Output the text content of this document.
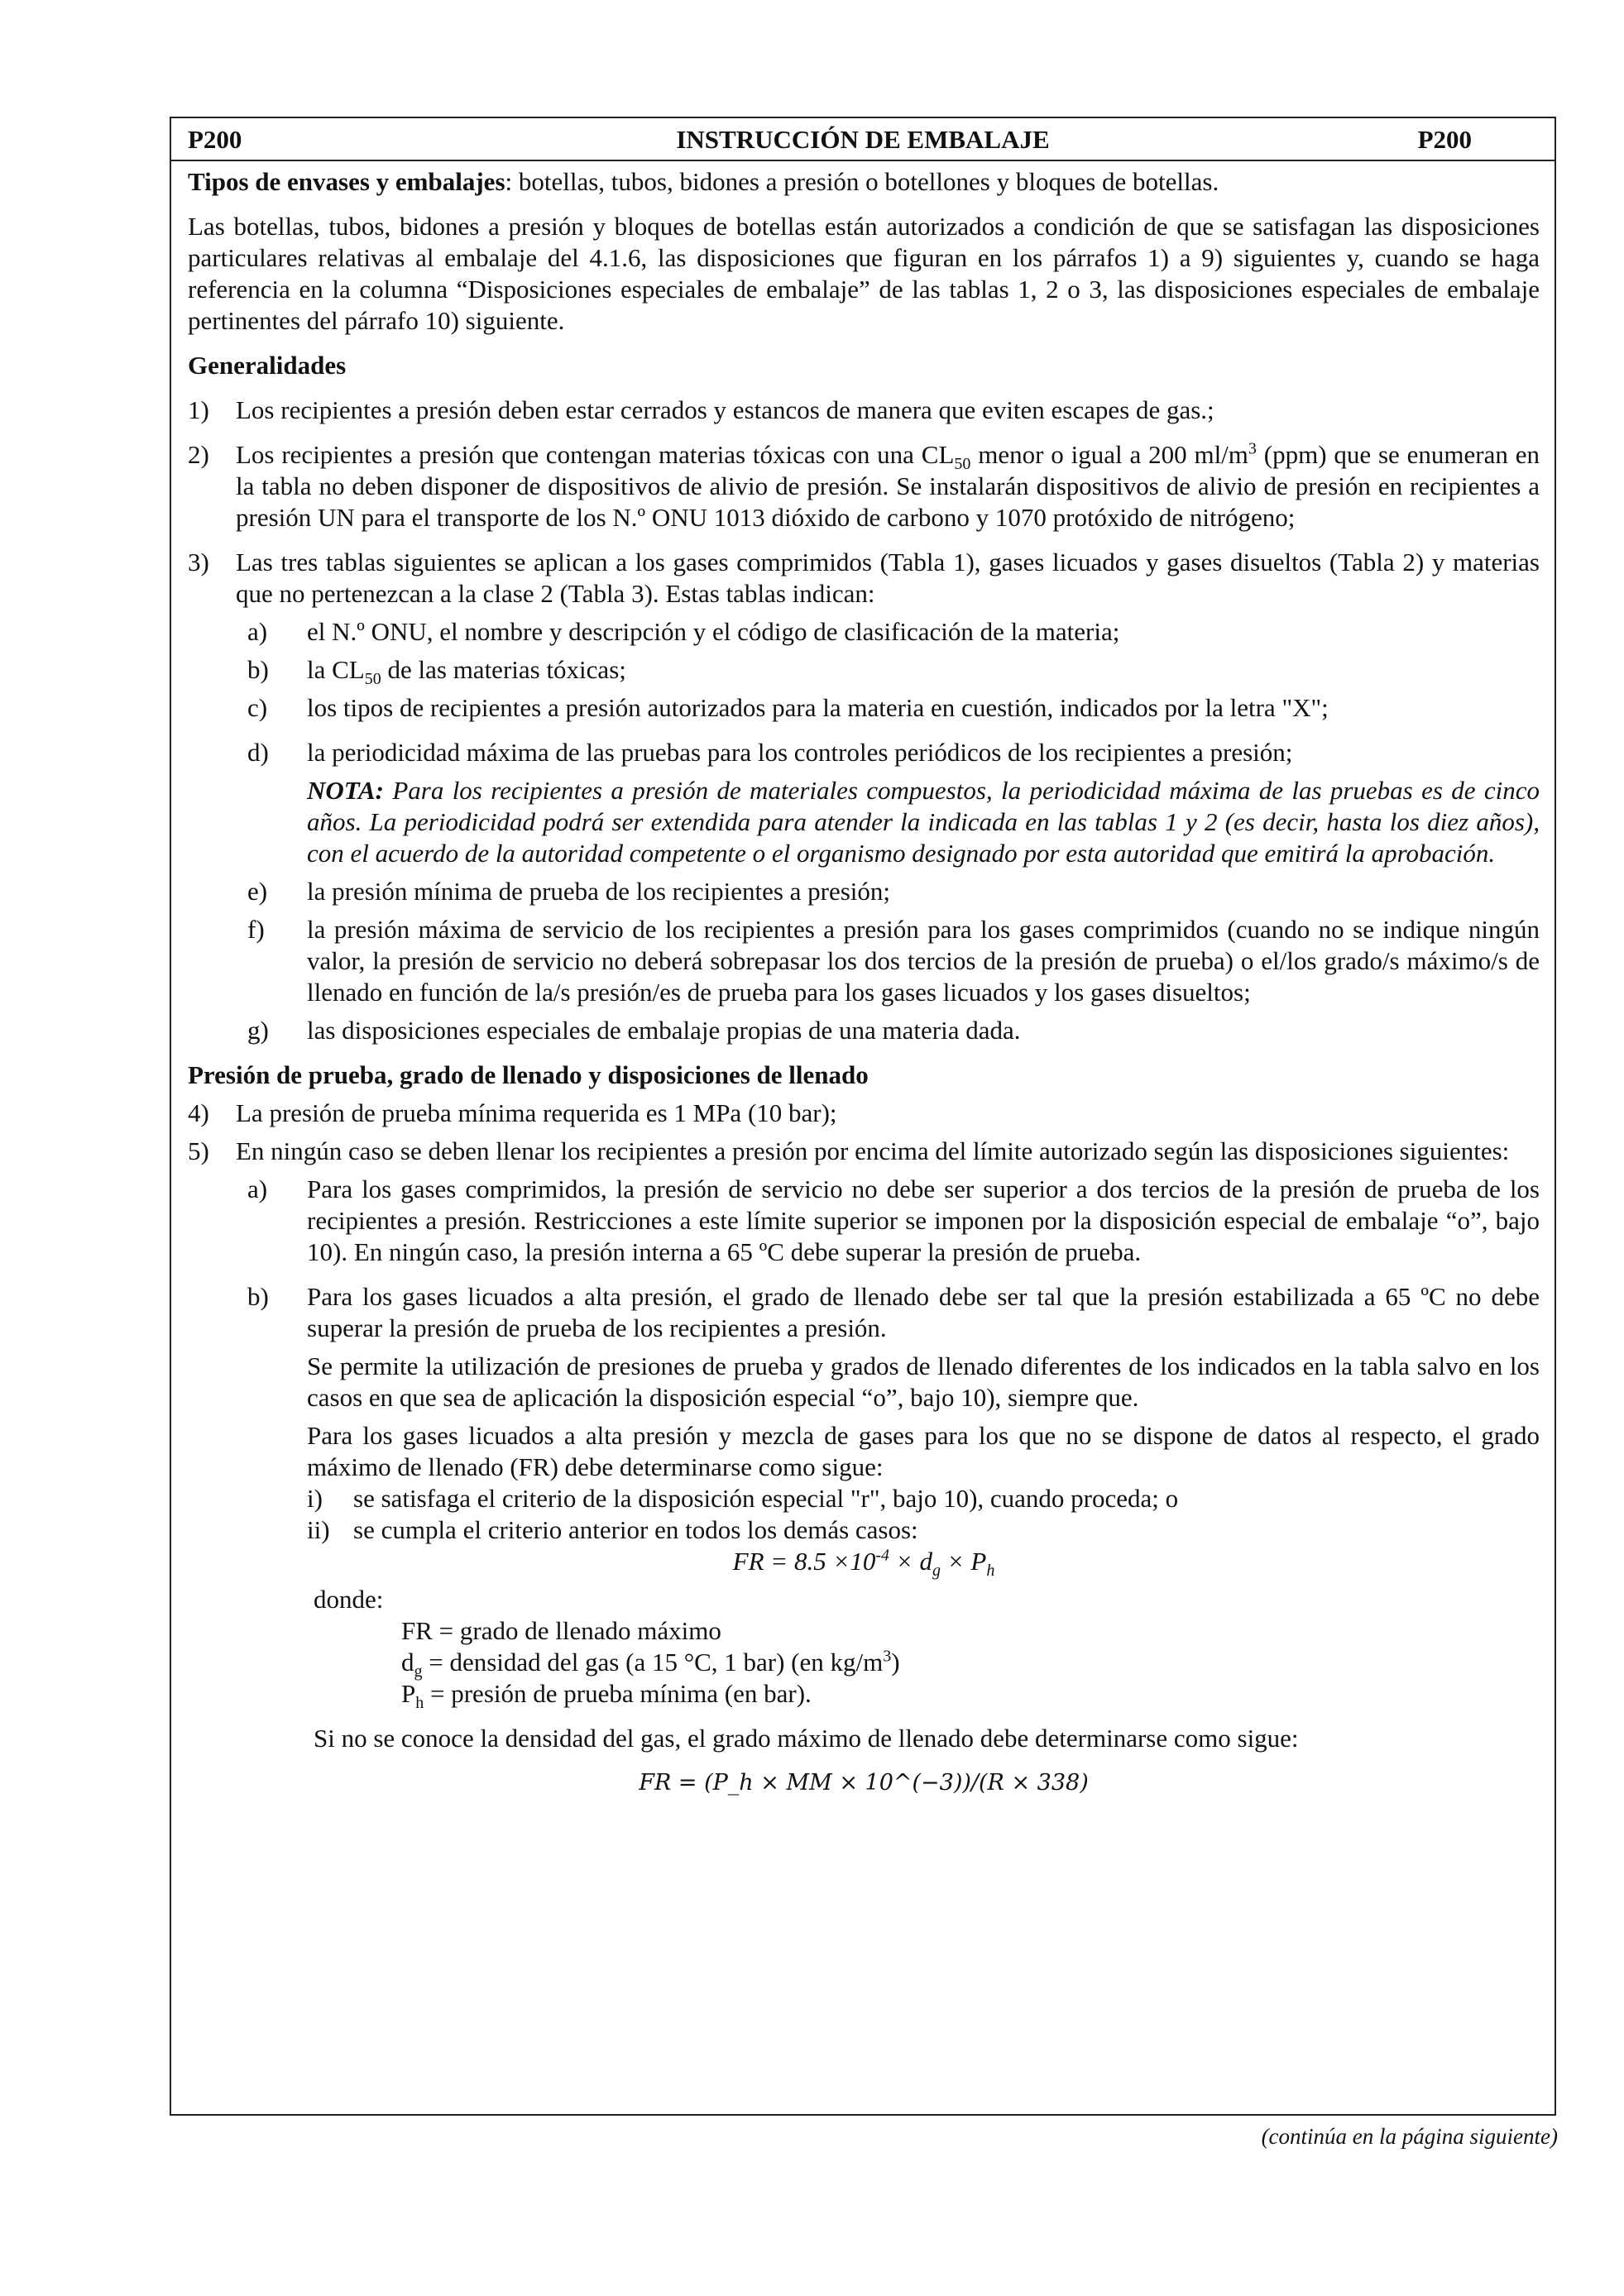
P200	INSTRUCCIÓN DE EMBALAJE	P200

Tipos de envases y embalajes: botellas, tubos, bidones a presión o botellones y bloques de botellas.

Las botellas, tubos, bidones a presión y bloques de botellas están autorizados a condición de que se satisfagan las disposiciones particulares relativas al embalaje del 4.1.6, las disposiciones que figuran en los párrafos 1) a 9) siguientes y, cuando se haga referencia en la columna “Disposiciones especiales de embalaje” de las tablas 1, 2 o 3, las disposiciones especiales de embalaje pertinentes del párrafo 10) siguiente.

Generalidades

1)	Los recipientes a presión deben estar cerrados y estancos de manera que eviten escapes de gas.;
2)	Los recipientes a presión que contengan materias tóxicas con una $CL_{50}$ menor o igual a 200 $ml/m^3$ (ppm) que se enumeran en la tabla no deben disponer de dispositivos de alivio de presión. Se instalarán dispositivos de alivio de presión en recipientes a presión UN para el transporte de los N.º ONU 1013 dióxido de carbono y 1070 protóxido de nitrógeno;
3)	Las tres tablas siguientes se aplican a los gases comprimidos (Tabla 1), gases licuados y gases disueltos (Tabla 2) y materias que no pertenezcan a la clase 2 (Tabla 3). Estas tablas indican:
a)	el N.º ONU, el nombre y descripción y el código de clasificación de la materia;
b)	la $CL_{50}$ de las materias tóxicas;
c)	los tipos de recipientes a presión autorizados para la materia en cuestión, indicados por la letra "X";
d)	la periodicidad máxima de las pruebas para los controles periódicos de los recipientes a presión;

NOTA: Para los recipientes a presión de materiales compuestos, la periodicidad máxima de las pruebas es de cinco años. La periodicidad podrá ser extendida para atender la indicada en las tablas 1 y 2 (es decir, hasta los diez años), con el acuerdo de la autoridad competente o el organismo designado por esta autoridad que emitirá la aprobación.

e)	la presión mínima de prueba de los recipientes a presión;
f)	la presión máxima de servicio de los recipientes a presión para los gases comprimidos (cuando no se indique ningún valor, la presión de servicio no deberá sobrepasar los dos tercios de la presión de prueba) o el/los grado/s máximo/s de llenado en función de la/s presión/es de prueba para los gases licuados y los gases disueltos;
g)	las disposiciones especiales de embalaje propias de una materia dada.

Presión de prueba, grado de llenado y disposiciones de llenado

4)	La presión de prueba mínima requerida es 1 MPa (10 bar);
5)	En ningún caso se deben llenar los recipientes a presión por encima del límite autorizado según las disposiciones siguientes:
a)	Para los gases comprimidos, la presión de servicio no debe ser superior a dos tercios de la presión de prueba de los recipientes a presión. Restricciones a este límite superior se imponen por la disposición especial de embalaje “o”, bajo 10). En ningún caso, la presión interna a 65 ºC debe superar la presión de prueba.
b)	Para los gases licuados a alta presión, el grado de llenado debe ser tal que la presión estabilizada a 65 ºC no debe superar la presión de prueba de los recipientes a presión.

Se permite la utilización de presiones de prueba y grados de llenado diferentes de los indicados en la tabla salvo en los casos en que sea de aplicación la disposición especial “o”, bajo 10), siempre que.

Para los gases licuados a alta presión y mezcla de gases para los que no se dispone de datos al respecto, el grado máximo de llenado (FR) debe determinarse como sigue:

i)	se satisfaga el criterio de la disposición especial "r", bajo 10), cuando proceda; o
ii) se cumpla el criterio anterior en todos los demás casos:

FR = $8.5 \times 10^{-4} \times d_g \times P_h$

donde:

FR = grado de llenado máximo

$d_g$ = densidad del gas (a 15 °C, 1 bar) (en $kg/m^3$)

$P_h$ = presión de prueba mínima (en bar).

Si no se conoce la densidad del gas, el grado máximo de llenado debe determinarse como sigue:

FR = (P_h × MM × 10^(−3))/(R × 338)

(continúa en la página siguiente)
